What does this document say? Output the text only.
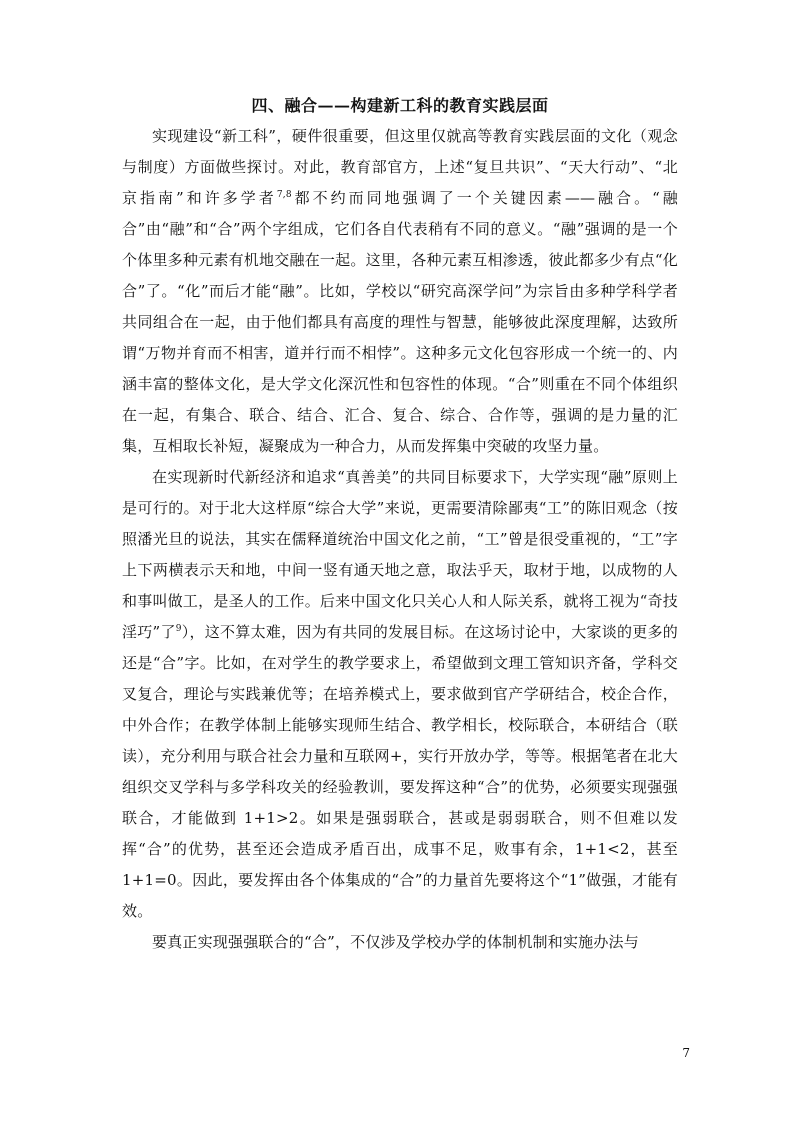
四、融合——构建新工科的教育实践层面

实现建设“新工科”，硬件很重要，但这里仅就高等教育实践层面的文化（观念与制度）方面做些探讨。对此，教育部官方，上述“复旦共识”、“天大行动”、“北京指南”和许多学者$^{7,8}$都不约而同地强调了一个关键因素——融合。“融合”由“融”和“合”两个字组成，它们各自代表稍有不同的意义。“融”强调的是一个个体里多种元素有机地交融在一起。这里，各种元素互相渗透，彼此都多少有点“化合”了。“化”而后才能“融”。比如，学校以“研究高深学问”为宗旨由多种学科学者共同组合在一起，由于他们都具有高度的理性与智慧，能够彼此深度理解，达致所谓“万物并育而不相害，道并行而不相悖”。这种多元文化包容形成一个统一的、内涵丰富的整体文化，是大学文化深沉性和包容性的体现。“合”则重在不同个体组织在一起，有集合、联合、结合、汇合、复合、综合、合作等，强调的是力量的汇集，互相取长补短，凝聚成为一种合力，从而发挥集中突破的攻坚力量。

在实现新时代新经济和追求“真善美”的共同目标要求下，大学实现“融”原则上是可行的。对于北大这样原“综合大学”来说，更需要清除鄙夷“工”的陈旧观念（按照潘光旦的说法，其实在儒释道统治中国文化之前，“工”曾是很受重视的，“工”字上下两横表示天和地，中间一竖有通天地之意，取法乎天，取材于地，以成物的人和事叫做工，是圣人的工作。后来中国文化只关心人和人际关系，就将工视为“奇技淫巧”了$^9$），这不算太难，因为有共同的发展目标。在这场讨论中，大家谈的更多的还是“合”字。比如，在对学生的教学要求上，希望做到文理工管知识齐备，学科交叉复合，理论与实践兼优等；在培养模式上，要求做到官产学研结合，校企合作，中外合作；在教学体制上能够实现师生结合、教学相长，校际联合，本研结合（联读），充分利用与联合社会力量和互联网+，实行开放办学，等等。根据笔者在北大组织交叉学科与多学科攻关的经验教训，要发挥这种“合”的优势，必须要实现强强联合，才能做到 1+1>2。如果是强弱联合，甚或是弱弱联合，则不但难以发挥“合”的优势，甚至还会造成矛盾百出，成事不足，败事有余，1+1<2，甚至 1+1=0。因此，要发挥由各个体集成的“合”的力量首先要将这个“1”做强，才能有效。

要真正实现强强联合的“合”，不仅涉及学校办学的体制机制和实施办法与

7
